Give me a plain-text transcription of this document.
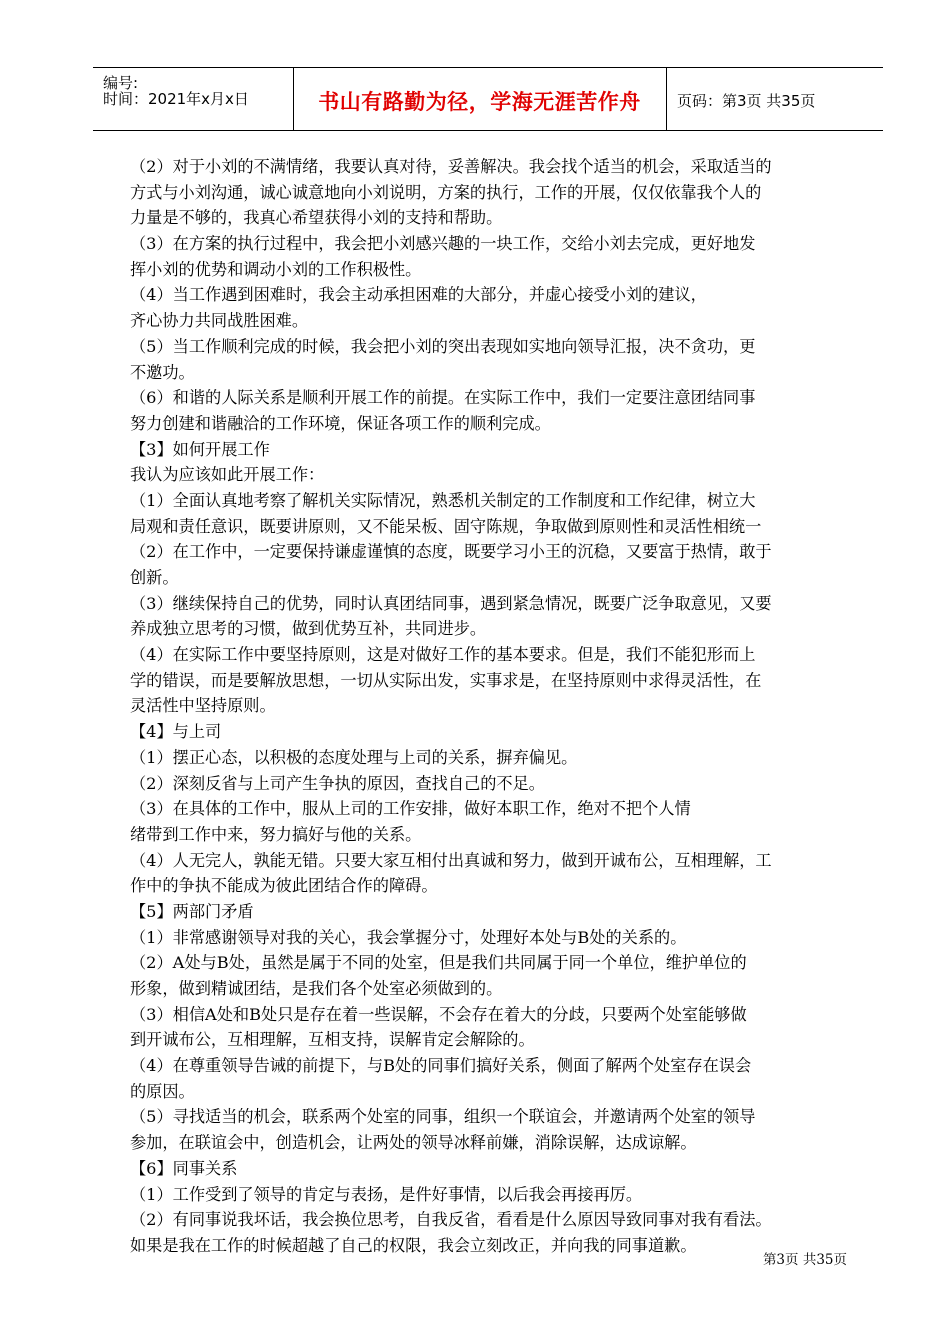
编号:
时间：2021年x月x日	书山有路勤为径，学海无涯苦作舟	页码：第3页 共35页
（2）对于小刘的不满情绪，我要认真对待，妥善解决。我会找个适当的机会，采取适当的
方式与小刘沟通，诚心诚意地向小刘说明，方案的执行，工作的开展，仅仅依靠我个人的
力量是不够的，我真心希望获得小刘的支持和帮助。
（3）在方案的执行过程中，我会把小刘感兴趣的一块工作，交给小刘去完成，更好地发
挥小刘的优势和调动小刘的工作积极性。
（4）当工作遇到困难时，我会主动承担困难的大部分，并虚心接受小刘的建议，
齐心协力共同战胜困难。
（5）当工作顺利完成的时候，我会把小刘的突出表现如实地向领导汇报，决不贪功，更
不邀功。
（6）和谐的人际关系是顺利开展工作的前提。在实际工作中，我们一定要注意团结同事
努力创建和谐融洽的工作环境，保证各项工作的顺利完成。
【3】如何开展工作
我认为应该如此开展工作：
（1）全面认真地考察了解机关实际情况，熟悉机关制定的工作制度和工作纪律，树立大
局观和责任意识，既要讲原则，又不能呆板、固守陈规，争取做到原则性和灵活性相统一
（2）在工作中，一定要保持谦虚谨慎的态度，既要学习小王的沉稳，又要富于热情，敢于
创新。
（3）继续保持自己的优势，同时认真团结同事，遇到紧急情况，既要广泛争取意见，又要
养成独立思考的习惯，做到优势互补，共同进步。
（4）在实际工作中要坚持原则，这是对做好工作的基本要求。但是，我们不能犯形而上
学的错误，而是要解放思想，一切从实际出发，实事求是，在坚持原则中求得灵活性，在
灵活性中坚持原则。
【4】与上司
（1）摆正心态，以积极的态度处理与上司的关系，摒弃偏见。
（2）深刻反省与上司产生争执的原因，查找自己的不足。
（3）在具体的工作中，服从上司的工作安排，做好本职工作，绝对不把个人情
绪带到工作中来，努力搞好与他的关系。
（4）人无完人，孰能无错。只要大家互相付出真诚和努力，做到开诚布公，互相理解，工
作中的争执不能成为彼此团结合作的障碍。
【5】两部门矛盾
（1）非常感谢领导对我的关心，我会掌握分寸，处理好本处与B处的关系的。
（2）A处与B处，虽然是属于不同的处室，但是我们共同属于同一个单位，维护单位的
形象，做到精诚团结，是我们各个处室必须做到的。
（3）相信A处和B处只是存在着一些误解，不会存在着大的分歧，只要两个处室能够做
到开诚布公，互相理解，互相支持，误解肯定会解除的。
（4）在尊重领导告诫的前提下，与B处的同事们搞好关系，侧面了解两个处室存在误会
的原因。
（5）寻找适当的机会，联系两个处室的同事，组织一个联谊会，并邀请两个处室的领导
参加，在联谊会中，创造机会，让两处的领导冰释前嫌，消除误解，达成谅解。
【6】同事关系
（1）工作受到了领导的肯定与表扬，是件好事情，以后我会再接再厉。
（2）有同事说我坏话，我会换位思考，自我反省，看看是什么原因导致同事对我有看法。
如果是我在工作的时候超越了自己的权限，我会立刻改正，并向我的同事道歉。
第3页 共35页
